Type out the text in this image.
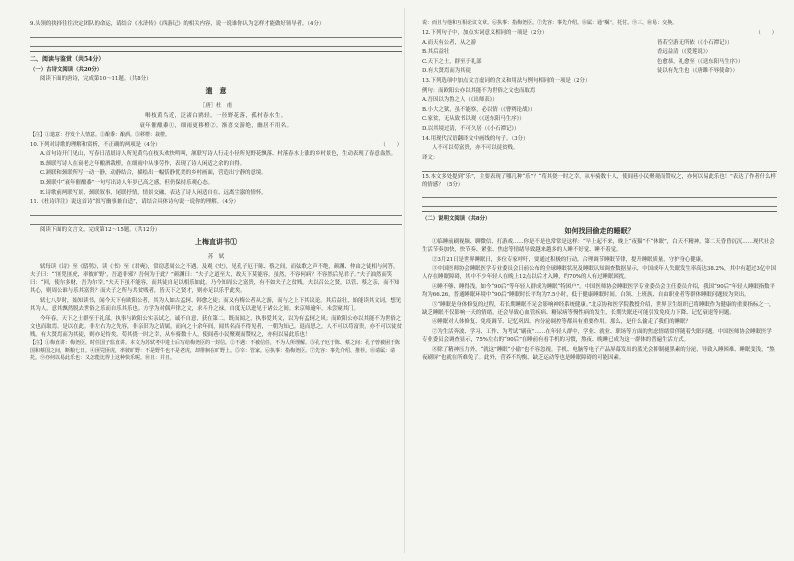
9.头领的抉择往往决定团队的命运，请结合《水浒传》《西游记》的相关内容，说一说谁你认为怎样才能做好领导者。（4分）

二、阅读与鉴赏（共54分）

（一）古诗文阅读（共20分）

阅读下面的唐诗，完成第10～11题。（共8分）

遣　意

［唐］杜　甫

啭枝黄鸟近，泛渚白鸥轻。一径野花落，孤村春水生。

衰年催酿黍①，细雨更移橙②。渐喜交游绝，幽居不用名。

【注】①遣意：抒发个人情意。②酿黍：酿酒。③移橙：栽橙。

10.下列对诗歌的理解和赏析，不正确的两项是（4分）	（　　）

A.首句诗开门见山，写春日清晨诗人所见黄鸟在枝头欢快鸣叫，颔联写诗人行走小径所见野花飘落、村落春水上涨的乡村景色，生动表现了春意盎然。

B.颈联写诗人在衰老之年酿酒栽橙，在细雨中从事劳作，表现了诗人闲适之余的自得。

C.颔联和颈联所写一动一静，动静结合，描绘出一幅恬静优美的乡村画面，营造出宁静的意境。

D.颈联中“衰年催酿黍”一句写出诗人年岁已高之感，但仍保持乐观心态。

E.诗歌前两联写景，颈联叙事，尾联抒情，情景交融，表达了诗人闲适自在、远离尘嚣的情怀。

11.《杜诗详注》说这首诗“叙写幽事兼自适”，请结合具体诗句说一说你的理解。（4分）

阅读下面的文言文，完成第12～15题。（共12分）

上梅直讲书①

苏　轼

轼每读《诗》至《鸱鸮》，读《书》至《君奭》，常窃悲周公之不遇。及观《史》，见孔子厄于陈、蔡之间，而弦歌之声不绝，颜渊、仲由之徒相与问答。夫子曰：“‘匪兕匪虎，率彼旷野’，吾道非邪？吾何为于此？”颜渊曰：“夫子之道至大，故天下莫能容。虽然，不容何病？不容然后见君子。”夫子油然而笑曰：“回，使尔多财，吾为尔宰。”夫天下虽不能容，而其徒自足以相乐如此。乃今知周公之富贵，有不如夫子之贫贱。夫以召公之贤，以管、蔡之亲，而不知其心，则周公谁与乐其富贵？而夫子之所与共贫贱者，皆天下之贤才，则亦足以乐乎此矣。

轼七八岁时，始知读书，闻今天下有欧阳公者，其为人如古孟轲、韩愈之徒；而又有梅公者从之游，而与之上下其议论。其后益壮，始能读其文词，想见其为人，意其飘然脱去世俗之乐而自乐其乐也。方学为对偶声律之文，求斗升之禄，自度无以进见于诸公之间。来京师逾年，未尝窥其门。

今年春，天下之士群至于礼部，执事与欧阳公实亲试之。诚不自意，获在第二。既而闻之，执事爱其文，以为有孟轲之风；而欧阳公亦以其能不为世俗之文也而取焉。是以在此。非左右为之先容，非亲旧为之请属，而向之十余年间，闻其名而不得见者，一朝为知己。退而思之，人不可以苟富贵，亦不可以徒贫贱。有大贤焉而为其徒，则亦足恃矣。苟其侥一时之幸，从车骑数十人，使闾巷小民聚观而赞叹之，亦何以易此乐也！

【注】①梅直讲：梅尧臣，时任国子监直讲。本文为苏轼考中进士后写给梅尧臣的一封信。②不遇：不被信任，不为人所理解。③孔子厄于陈、蔡之间：孔子曾被困于陈国和蔡国之间，断粮七日。④匪兕匪虎，率彼旷野：不是野牛也不是老虎，却徘徊在旷野上。⑤宰：管家。⑥执事：指梅尧臣。⑦先容：事先介绍、推荐。⑧请属：请托。⑨亦何以易此乐也：又怎能比得上这种快乐呢。⑩且：并且。

说：而且与他和互相论议文章。⑥执事：指梅尧臣。⑦先容：事先介绍。⑧属：通“嘱”，托付。⑨三、⑩易：交换。

12.下列句子中，加点实词意义相同的一项是（2分）	（　　）

A.而天有公者，从之游	皆若空游无所依（《小石潭记》）
B.其后益壮	香远益清（《爱莲说》）
C.天下之士，群至于礼部	色愈恭，礼愈至（《送东阳马生序》）
D.有大贤焉而为其徒	徒以有先生也（《唐雎不辱使命》）

13.下列选项中加点文言虚词的含义和用法与例句相同的一项是（2分）

例句：而欧阳公亦以其能不为世俗之文也而取焉

A.吾因以为鲁之人（《出师表》）

B.小大之狱，虽不能察，必以情（《曹刿论战》）

C.家贫，无从致书以观（《送东阳马生序》）

D.以其境过清，不可久居（《小石潭记》）

14.用现代汉语翻译文中画线的句子。（3分）

人不可以苟富贵，亦不可以徒贫贱。

译文：

15.本文多处提到“乐”，主要表现了哪几种“乐”？“苟其侥一时之幸，从车骑数十人，使闾巷小民聚观而赞叹之，亦何以易此乐也！”表达了作者什么样的情感？（5分）

（二）说明文阅读（共8分）

如何找回偷走的睡眠？

①临睡前刷视频、聊微信、打游戏……你是不是也常常是这样：“早上起不来，晚上“夜猫”不“休眠”，白天不精神，第二天昏昏沉沉……现代社会生活节奏加快，快节奏、紧张、焦虑等情绪导致越来越多的人睡不好觉、睡不着觉。

②3月21日是世界睡眠日，多位专家呼吁，要通过积极的行动，合理调节睡眠节律，提升睡眠质量，守护身心健康。

③中国医师协会睡眠医学专业委员会日前公布的全球睡眠状况及睡眠认知调查数据显示，中国成年人失眠发生率高达38.2%，其中有超过3亿中国人存在睡眠障碍，其中不少年轻人在晚上12点以后才入睡，约70%的人有过睡眠困扰。

④睡不够、睡得浅，如今“90后”等年轻人群成为睡眠“特困户”。中国医师协会睡眠医学专业委员会主任委员介绍，我国“90后”年轻人睡眠指数平均为66.26，普通睡眠环境中“90后”睡眠时长平均为7.5小时，低于健康睡眠时间。白领、上班族、自由职业者等群体睡眠问题较为突出。

⑤“睡眠是身体修复的过程，若长期睡眠不足会影响神经系统健康。”北京协和医学院教授介绍，世界卫生组织已将睡眠作为健康的重要指标之一，缺乏睡眠不仅影响一天的情绪，还会导致心血管疾病、糖尿病等慢性病的发生，长期失眠还可能引发免疫力下降、记忆衰退等问题。

⑥睡眠对人体修复、免疫调节、记忆巩固、内分泌调控等都具有重要作用。那么，是什么偷走了我们的睡眠？

⑦为生活奔波、学习、工作、为考试“刷夜”……在年轻人群中，学业、就业、职场等方面的焦虑情绪常伴随着失眠问题。中国医师协会睡眠医学专业委员会调查显示，75%左右的“90后”在睡前有看手机的习惯，熬夜、晚睡已成为这一群体的普遍生活方式。

⑧除了精神压力外，“就这”睡眠“小偷”也不容忽视。手机、电脑等电子产品屏幕发出的蓝光会抑制褪黑素的分泌，导致入睡困难、睡眠变浅，“熬夜刷屏”也就在所难免了。此外，营养不均衡、缺乏运动等也是睡眠障碍的可能因素。
